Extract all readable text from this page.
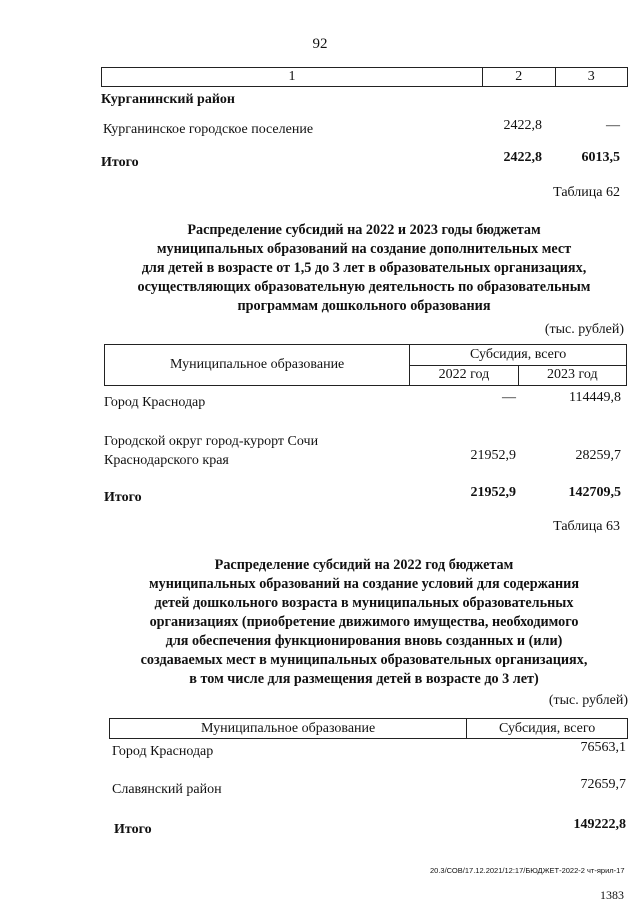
92
1	2	3
Курганинский район
Курганинское городское поселение	2422,8	—
Итого	2422,8	6013,5
Таблица 62
Распределение субсидий на 2022 и 2023 годы бюджетам
муниципальных образований на создание дополнительных мест
для детей в возрасте от 1,5 до 3 лет в образовательных организациях,
осуществляющих образовательную деятельность по образовательным
программам дошкольного образования
(тыс. рублей)
Муниципальное образование	Субсидия, всего	
	2022 год	2023 год
Город Краснодар	—	114449,8
Городской округ город-курорт Сочи
Краснодарского края	21952,9	28259,7
Итого	21952,9	142709,5
Таблица 63
Распределение субсидий на 2022 год бюджетам
муниципальных образований на создание условий для содержания
детей дошкольного возраста в муниципальных образовательных
организациях (приобретение движимого имущества, необходимого
для обеспечения функционирования вновь созданных и (или)
создаваемых мест в муниципальных образовательных организациях,
в том числе для размещения детей в возрасте до 3 лет)
(тыс. рублей)
Муниципальное образование	Субсидия, всего
Город Краснодар	76563,1
Славянский район	72659,7
Итого	149222,8
20.3/СОВ/17.12.2021/12:17/БЮДЖЕТ-2022-2 чт-ярил-17
1383
